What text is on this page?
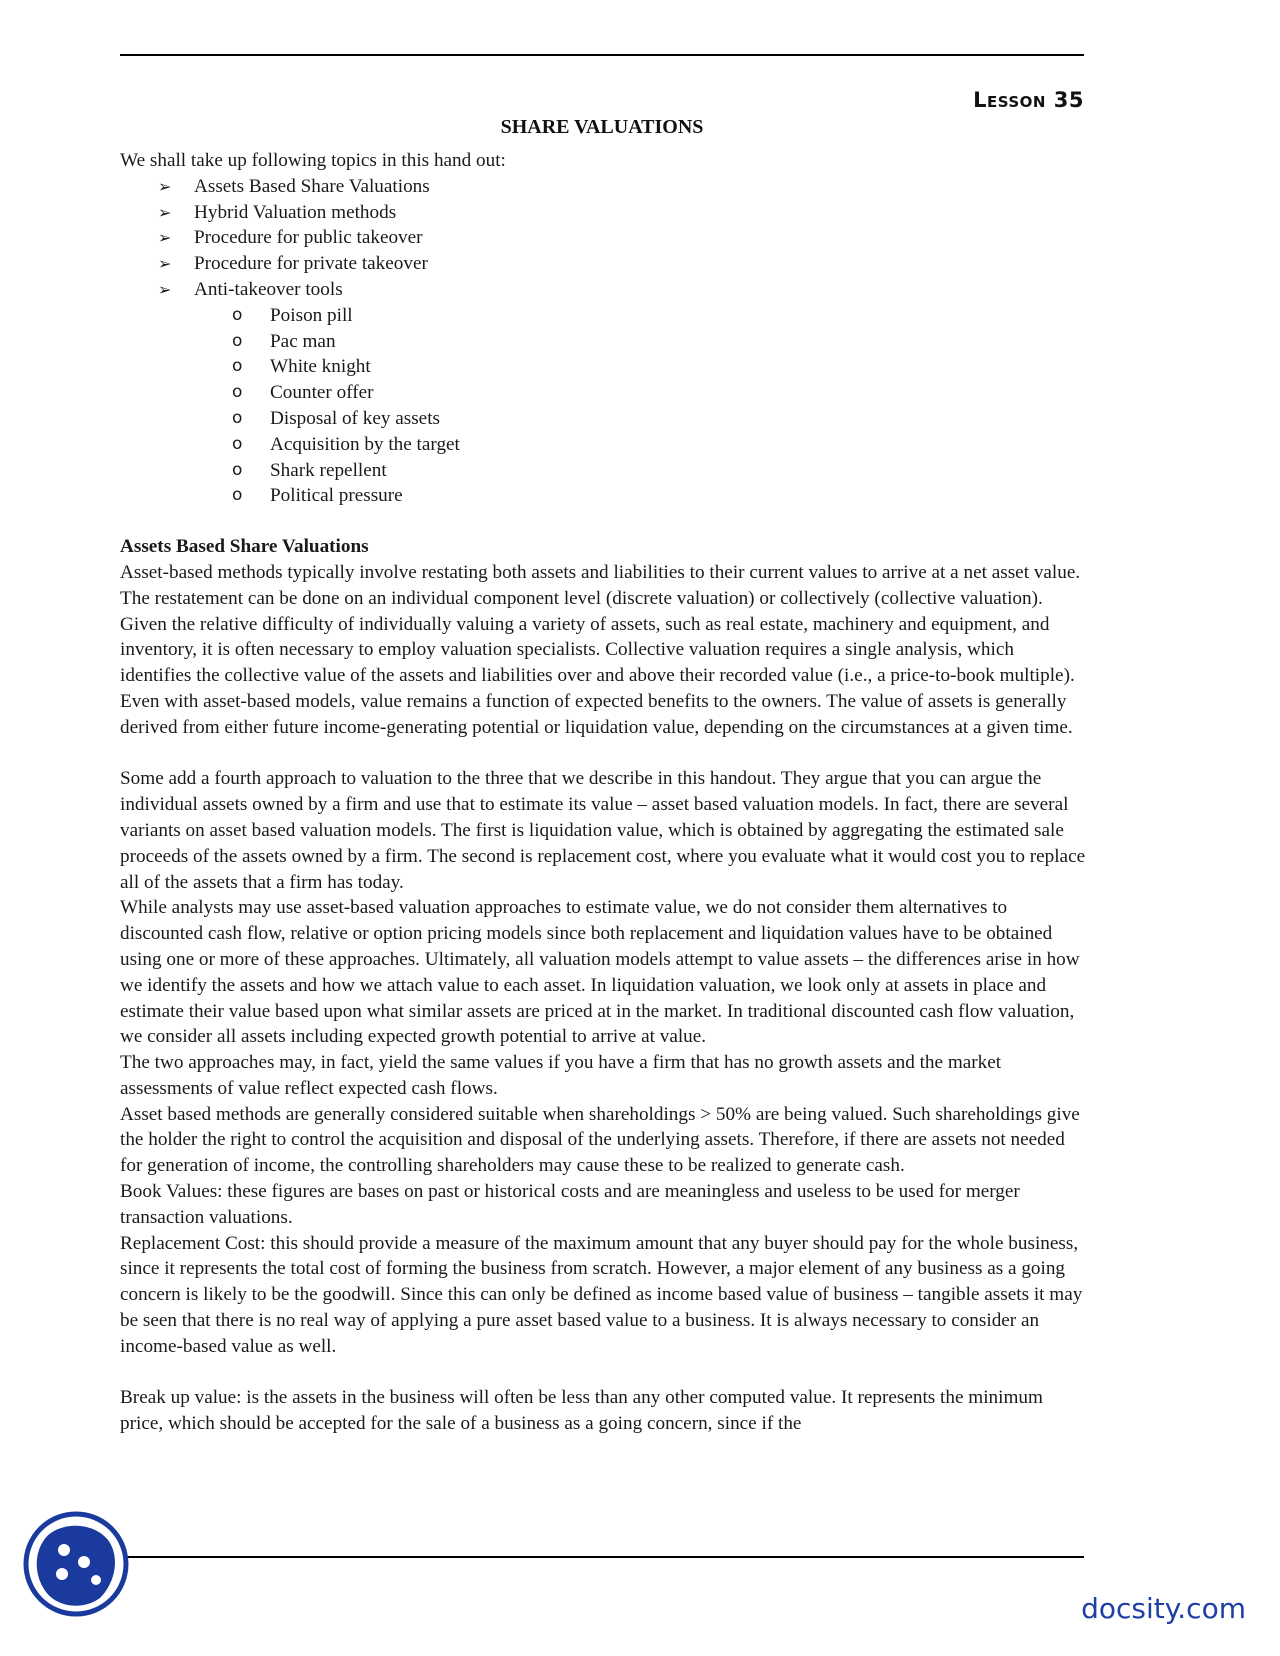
Lesson 35
SHARE VALUATIONS

We shall take up following topics in this hand out:

➢ Assets Based Share Valuations
➢ Hybrid Valuation methods
➢ Procedure for public takeover
➢ Procedure for private takeover
➢ Anti-takeover tools
o Poison pill
o Pac man
o White knight
o Counter offer
o Disposal of key assets
o Acquisition by the target
o Shark repellent
o Political pressure
Assets Based Share Valuations

Asset-based methods typically involve restating both assets and liabilities to their current values to arrive at a net asset value. The restatement can be done on an individual component level (discrete valuation) or collectively (collective valuation). Given the relative difficulty of individually valuing a variety of assets, such as real estate, machinery and equipment, and inventory, it is often necessary to employ valuation specialists. Collective valuation requires a single analysis, which identifies the collective value of the assets and liabilities over and above their recorded value (i.e., a price-to-book multiple). Even with asset-based models, value remains a function of expected benefits to the owners. The value of assets is generally derived from either future income-generating potential or liquidation value, depending on the circumstances at a given time.

Some add a fourth approach to valuation to the three that we describe in this handout. They argue that you can argue the individual assets owned by a firm and use that to estimate its value – asset based valuation models. In fact, there are several variants on asset based valuation models. The first is liquidation value, which is obtained by aggregating the estimated sale proceeds of the assets owned by a firm. The second is replacement cost, where you evaluate what it would cost you to replace all of the assets that a firm has today.

While analysts may use asset-based valuation approaches to estimate value, we do not consider them alternatives to discounted cash flow, relative or option pricing models since both replacement and liquidation values have to be obtained using one or more of these approaches. Ultimately, all valuation models attempt to value assets – the differences arise in how we identify the assets and how we attach value to each asset. In liquidation valuation, we look only at assets in place and estimate their value based upon what similar assets are priced at in the market. In traditional discounted cash flow valuation, we consider all assets including expected growth potential to arrive at value.

The two approaches may, in fact, yield the same values if you have a firm that has no growth assets and the market assessments of value reflect expected cash flows.

Asset based methods are generally considered suitable when shareholdings > 50% are being valued. Such shareholdings give the holder the right to control the acquisition and disposal of the underlying assets. Therefore, if there are assets not needed for generation of income, the controlling shareholders may cause these to be realized to generate cash.

Book Values: these figures are bases on past or historical costs and are meaningless and useless to be used for merger transaction valuations.

Replacement Cost: this should provide a measure of the maximum amount that any buyer should pay for the whole business, since it represents the total cost of forming the business from scratch. However, a major element of any business as a going concern is likely to be the goodwill. Since this can only be defined as income based value of business – tangible assets it may be seen that there is no real way of applying a pure asset based value to a business. It is always necessary to consider an income-based value as well.

Break up value: is the assets in the business will often be less than any other computed value. It represents the minimum price, which should be accepted for the sale of a business as a going concern, since if the

docsity.com
